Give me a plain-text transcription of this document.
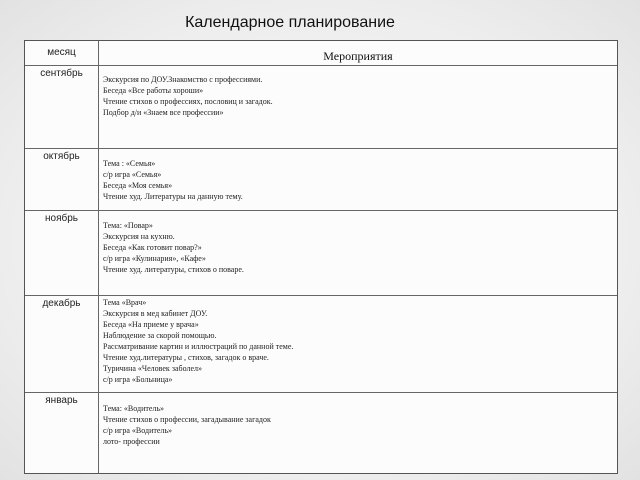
Календарное планирование
месяц	Мероприятия
сентябрь
Экскурсия по ДОУ.Знакомство с профессиями.
Беседа «Все работы хороши»
Чтение стихов о профессиях, пословиц и загадок.
Подбор д/и «Знаем все профессии»
октябрь
Тема : «Семья»
с/р игра «Семья»
Беседа «Моя семья»
Чтение худ. Литературы на данную тему.
ноябрь
Тема: «Повар»
Экскурсия на кухню.
Беседа «Как готовит повар?»
с/р игра «Кулинария», «Кафе»
Чтение худ. литературы, стихов о поваре.
декабрь	Тема «Врач»
Экскурсия в мед кабинет ДОУ.
Беседа «На приеме у врача»
Наблюдение за скорой помощью.
Рассматривание картин и иллюстраций по данной теме.
Чтение худ.литературы , стихов, загадок о враче.
Туричина «Человек заболел»
с/р игра «Больница»
январь
Тема: «Водитель»
Чтение стихов о профессии, загадывание загадок
с/р игра «Водитель»
лото- профессии
